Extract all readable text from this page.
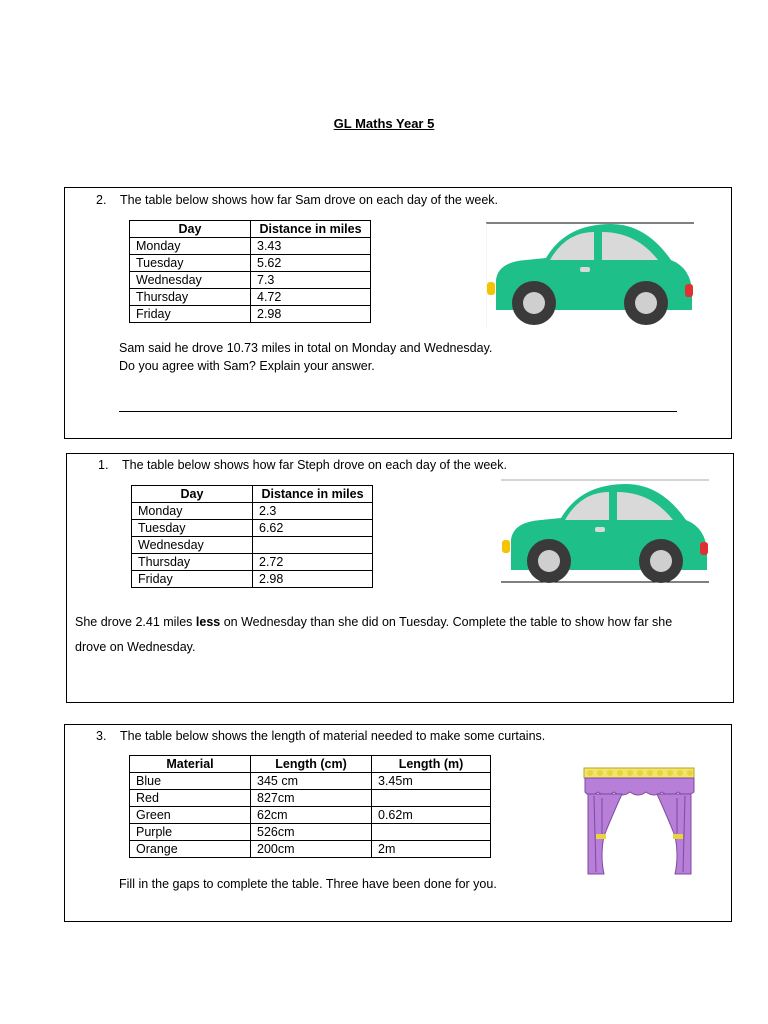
GL Maths Year 5
2. The table below shows how far Sam drove on each day of the week.
Day	Distance in miles
Monday	3.43
Tuesday	5.62
Wednesday	7.3
Thursday	4.72
Friday	2.98
Sam said he drove 10.73 miles in total on Monday and Wednesday.
Do you agree with Sam? Explain your answer.
1. The table below shows how far Steph drove on each day of the week.
Day	Distance in miles
Monday	2.3
Tuesday	6.62
Wednesday	
Thursday	2.72
Friday	2.98
She drove 2.41 miles less on Wednesday than she did on Tuesday. Complete the table to show how far she
drove on Wednesday.
3. The table below shows the length of material needed to make some curtains.
Material	Length (cm)	Length (m)
Blue	345 cm	3.45m
Red	827cm	
Green	62cm	0.62m
Purple	526cm	
Orange	200cm	2m
Fill in the gaps to complete the table. Three have been done for you.
